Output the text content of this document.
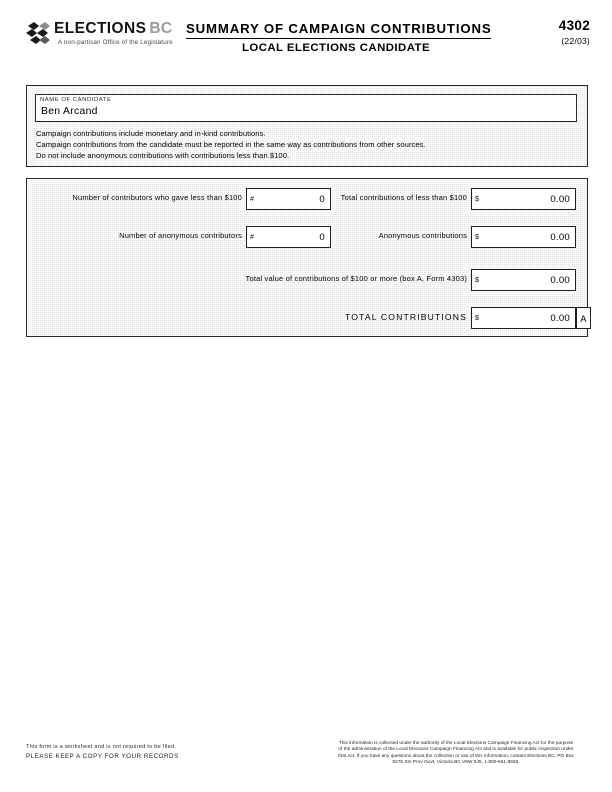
ELECTIONS BC
A non-partisan Office of the Legislature
SUMMARY OF CAMPAIGN CONTRIBUTIONS
LOCAL ELECTIONS CANDIDATE
4302
(22/03)
NAME OF CANDIDATE
Ben Arcand

Campaign contributions include monetary and in-kind contributions.

Campaign contributions from the candidate must be reported in the same way as contributions from other sources.

Do not include anonymous contributions with contributions less than $100.

Number of contributors who gave less than $100 #	0	Total contributions of less than $100 $	0.00
Number of anonymous contributors #	0	Anonymous contributions $	0.00
Total value of contributions of $100 or more (box A, Form 4303) $	0.00
TOTAL CONTRIBUTIONS $	0.00	A
This form is a worksheet and is not required to be filed.
PLEASE KEEP A COPY FOR YOUR RECORDS

This information is collected under the authority of the Local Elections Campaign Financing Act for the purpose

of the administration of the Local Elections Campaign Financing Act and is available for public inspection under

that Act. If you have any questions about the collection or use of this information, contact Elections BC, PO Box

9275 Stn Prov Govt, Victoria BC V8W 9J6, 1-800-661-8683.
